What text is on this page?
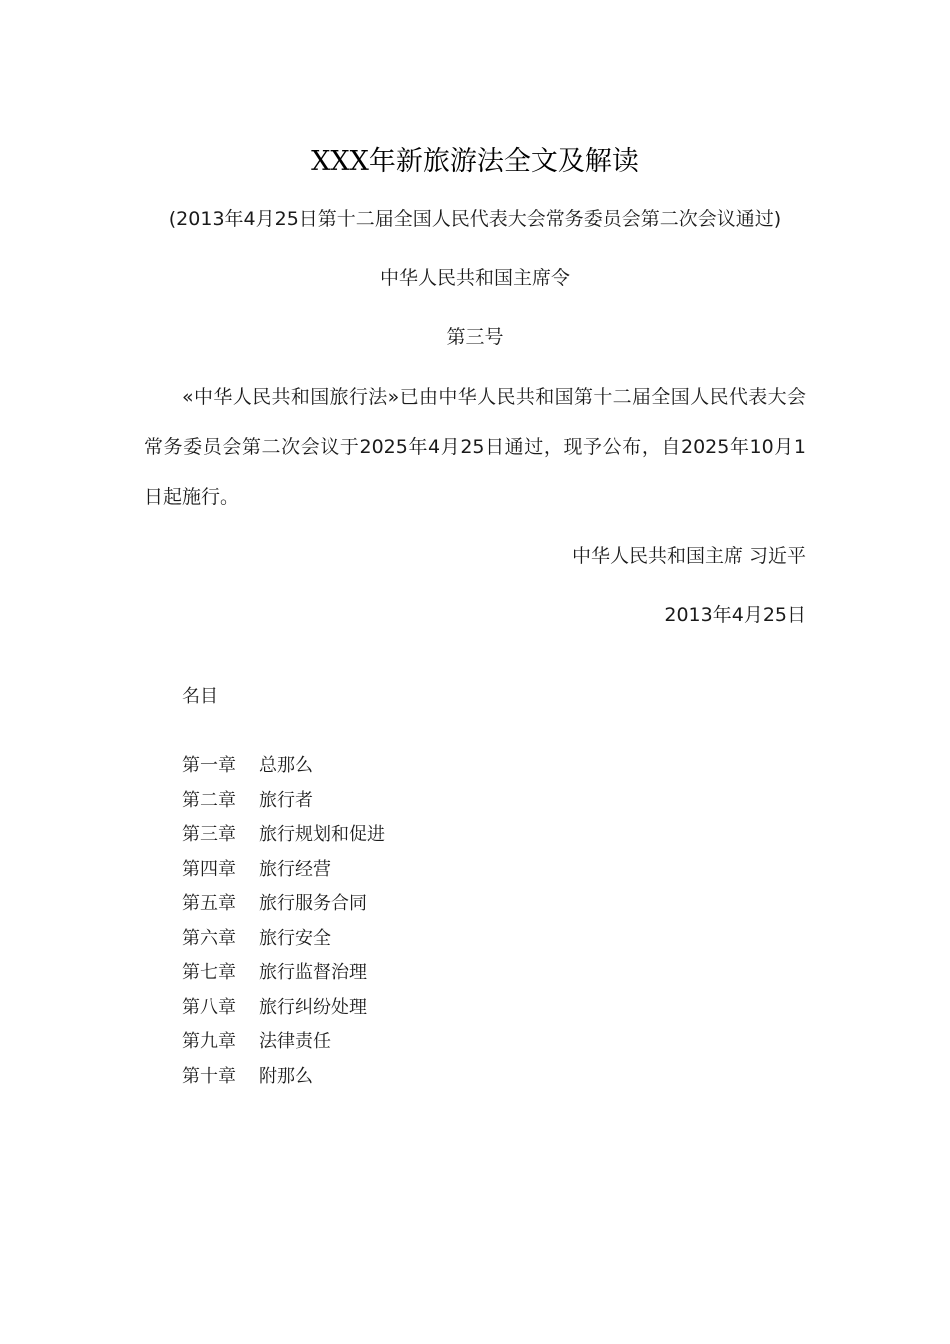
XXX年新旅游法全文及解读
(2013年4月25日第十二届全国人民代表大会常务委员会第二次会议通过)
中华人民共和国主席令
第三号
«中华人民共和国旅行法»已由中华人民共和国第十二届全国人民代表大会常务委员会第二次会议于2025年4月25日通过，现予公布，自2025年10月1日起施行。
中华人民共和国主席 习近平
2013年4月25日
名目
第一章 总那么
第二章 旅行者
第三章 旅行规划和促进
第四章 旅行经营
第五章 旅行服务合同
第六章 旅行安全
第七章 旅行监督治理
第八章 旅行纠纷处理
第九章 法律责任
第十章 附那么
